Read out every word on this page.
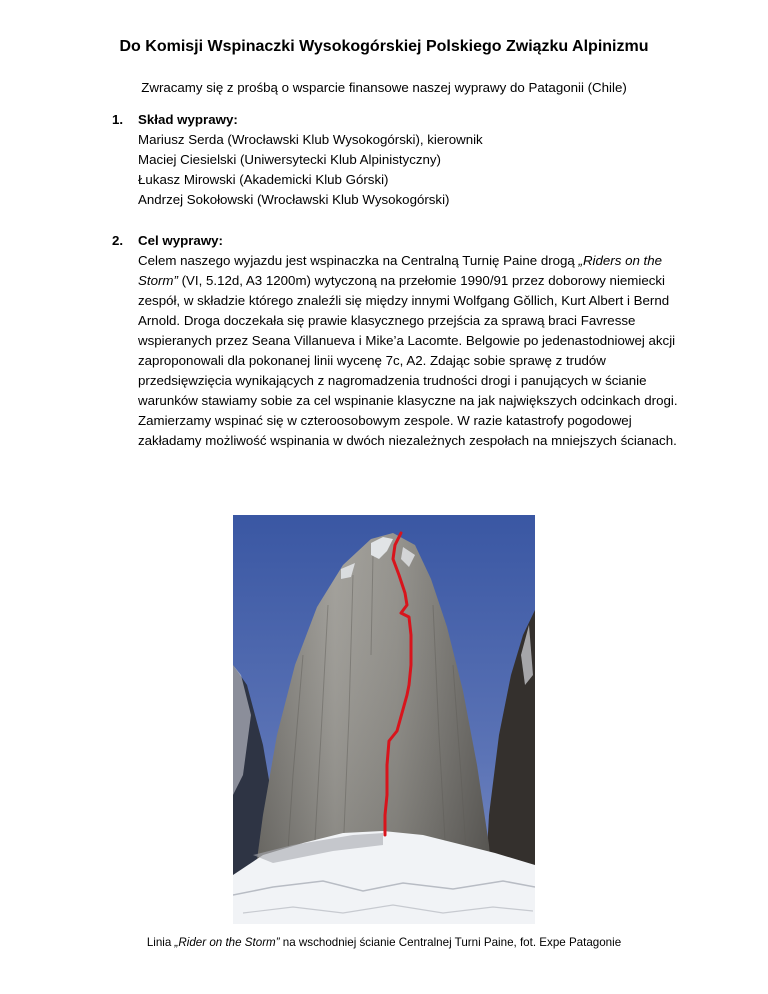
Do Komisji Wspinaczki Wysokogórskiej Polskiego Związku Alpinizmu
Zwracamy się z prośbą o wsparcie finansowe naszej wyprawy do Patagonii (Chile)
1. Skład wyprawy:
Mariusz Serda (Wrocławski Klub Wysokogórski), kierownik
Maciej Ciesielski (Uniwersytecki Klub Alpinistyczny)
Łukasz Mirowski (Akademicki Klub Górski)
Andrzej Sokołowski (Wrocławski Klub Wysokogórski)
2. Cel wyprawy:
Celem naszego wyjazdu jest wspinaczka na Centralną Turnię Paine drogą „Riders on the Storm” (VI, 5.12d, A3 1200m) wytyczoną na przełomie 1990/91 przez doborowy niemiecki zespół, w składzie którego znaleźli się między innymi Wolfgang Gǒllich, Kurt Albert i Bernd Arnold. Droga doczekała się prawie klasycznego przejścia za sprawą braci Favresse wspieranych przez Seana Villanueva i Mike’a Lacomte. Belgowie po jedenastodniowej akcji zaproponowali dla pokonanej linii wycenę 7c, A2. Zdając sobie sprawę z trudów przedsięwzięcia wynikających z nagromadzenia trudności drogi i panujących w ścianie warunków stawiamy sobie za cel wspinanie klasyczne na jak największych odcinkach drogi.
Zamierzamy wspinać się w czteroosobowym zespole. W razie katastrofy pogodowej zakładamy możliwość wspinania w dwóch niezależnych zespołach na mniejszych ścianach.
Linia „Rider on the Storm” na wschodniej ścianie Centralnej Turni Paine, fot. Expe Patagonie
